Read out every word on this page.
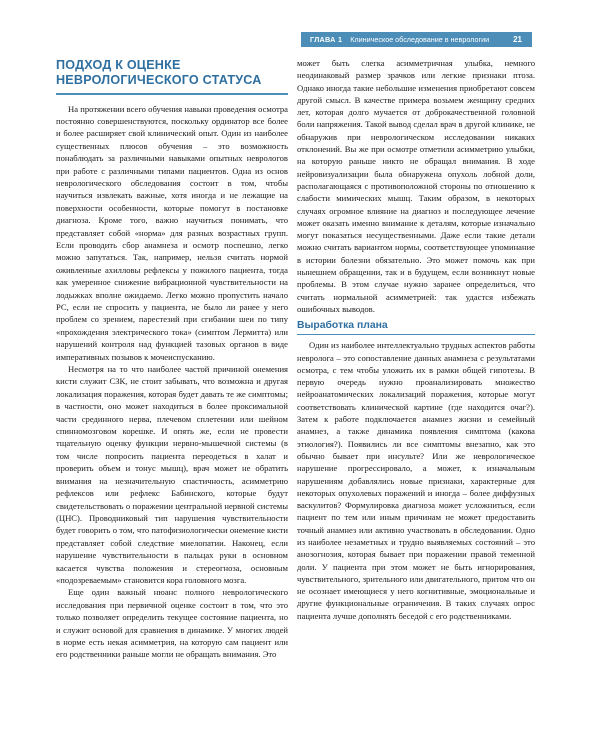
ГЛАВА 1 Клиническое обследование в неврологии	21
ПОДХОД К ОЦЕНКЕ
НЕВРОЛОГИЧЕСКОГО СТАТУСА

На протяжении всего обучения навыки проведения осмотра постоянно совершенствуются, поскольку ординатор все более и более расширяет свой клинический опыт. Один из наиболее существенных плюсов обучения – это возможность понаблюдать за различными навыками опытных неврологов при работе с различными типами пациентов. Одна из основ неврологического обследования состоит в том, чтобы научиться извлекать важные, хотя иногда и не лежащие на поверхности особенности, которые помогут в постановке диагноза. Кроме того, важно научиться понимать, что представляет собой «норма» для разных возрастных групп. Если проводить сбор анамнеза и осмотр поспешно, легко можно запутаться. Так, например, нельзя считать нормой оживленные ахилловы рефлексы у пожилого пациента, тогда как умеренное снижение вибрационной чувствительности на лодыжках вполне ожидаемо. Легко можно пропустить начало РС, если не спросить у пациента, не было ли ранее у него проблем со зрением, парестезий при сгибании шеи по типу «прохождения электрического тока» (симптом Лермитта) или нарушений контроля над функцией тазовых органов в виде императивных позывов к мочеиспусканию.

Несмотря на то что наиболее частой причиной онемения кисти служит СЗК, не стоит забывать, что возможна и другая локализация поражения, которая будет давать те же симптомы; в частности, оно может находиться в более проксимальной части срединного нерва, плечевом сплетении или шейном спинномозговом корешке. И опять же, если не провести тщательную оценку функции нервно-мышечной системы (в том числе попросить пациента переодеться в халат и проверить объем и тонус мышц), врач может не обратить внимания на незначительную спастичность, асимметрию рефлексов или рефлекс Бабинского, которые будут свидетельствовать о поражении центральной нервной системы (ЦНС). Проводниковый тип нарушения чувствительности будет говорить о том, что патофизиологически онемение кисти представляет собой следствие миелопатии. Наконец, если нарушение чувствительности в пальцах руки в основном касается чувства положения и стереогноза, основным «подозреваемым» становится кора головного мозга.

Еще один важный нюанс полного неврологического исследования при первичной оценке состоит в том, что это только позволяет определить текущее состояние пациента, но и служит основой для сравнения в динамике. У многих людей в норме есть некая асимметрия, на которую сам пациент или его родственники раньше могли не обращать внимания. Это

может быть слегка асимметричная улыбка, немного неодинаковый размер зрачков или легкие признаки птоза. Однако иногда такие небольшие изменения приобретают совсем другой смысл. В качестве примера возьмем женщину средних лет, которая долго мучается от доброкачественной головной боли напряжения. Такой вывод сделал врач в другой клинике, не обнаружив при неврологическом исследовании никаких отклонений. Вы же при осмотре отметили асимметрию улыбки, на которую раньше никто не обращал внимания. В ходе нейровизуализации была обнаружена опухоль лобной доли, располагающаяся с противоположной стороны по отношению к слабости мимических мышц. Таким образом, в некоторых случаях огромное влияние на диагноз и последующее лечение может оказать именно внимание к деталям, которые изначально могут показаться несущественными. Даже если такие детали можно считать вариантом нормы, соответствующее упоминание в истории болезни обязательно. Это может помочь как при нынешнем обращении, так и в будущем, если возникнут новые проблемы. В этом случае нужно заранее определиться, что считать нормальной асимметрией: так удастся избежать ошибочных выводов.

Выработка плана

Один из наиболее интеллектуально трудных аспектов работы невролога – это сопоставление данных анамнеза с результатами осмотра, с тем чтобы уложить их в рамки общей гипотезы. В первую очередь нужно проанализировать множество нейроанатомических локализаций поражения, которые могут соответствовать клинической картине (где находится очаг?). Затем к работе подключается анамнез жизни и семейный анамнез, а также динамика появления симптома (какова этиология?). Появились ли все симптомы внезапно, как это обычно бывает при инсульте? Или же неврологическое нарушение прогрессировало, а может, к изначальным нарушениям добавлялись новые признаки, характерные для некоторых опухолевых поражений и иногда – более диффузных васкулитов? Формулировка диагноза может усложниться, если пациент по тем или иным причинам не может предоставить точный анамнез или активно участвовать в обследовании. Одно из наиболее незаметных и трудно выявляемых состояний – это анозогнозия, которая бывает при поражении правой теменной доли. У пациента при этом может не быть игнорирования, чувствительного, зрительного или двигательного, притом что он не осознает имеющиеся у него когнитивные, эмоциональные и другие функциональные ограничения. В таких случаях опрос пациента лучше дополнять беседой с его родственниками.
